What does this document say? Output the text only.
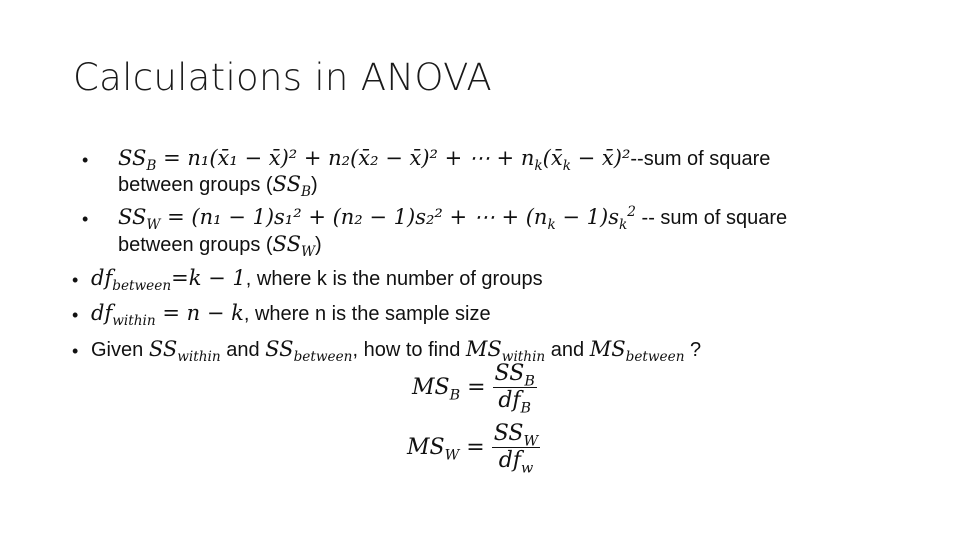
Calculations in ANOVA
• $SS_B$ = n₁(x̄₁ − x̄)² + n₂(x̄₂ − x̄)² + ⋯ + $n_k(x̄_k$ − x̄)²--sum of square
between groups $(SS_B)$
• $SS_W = (n_1 - 1)s_1^2 + (n_2 - 1)s_2^2$ + ⋯ + $(n_k - 1)s_k^2$ -- sum of square
between groups $(SS_W)$
• $df_{between}=k - 1$, where k is the number of groups
• $df_{within} = n - k$, where n is the sample size
• Given $SS_{within}$ and $SS_{between}$, how to find $MS_{within}$ and $MS_{between}$ ?
$MS_B = \frac{SS_B}{df_B}$
$MS_W = \frac{SS_W}{df_w}$
